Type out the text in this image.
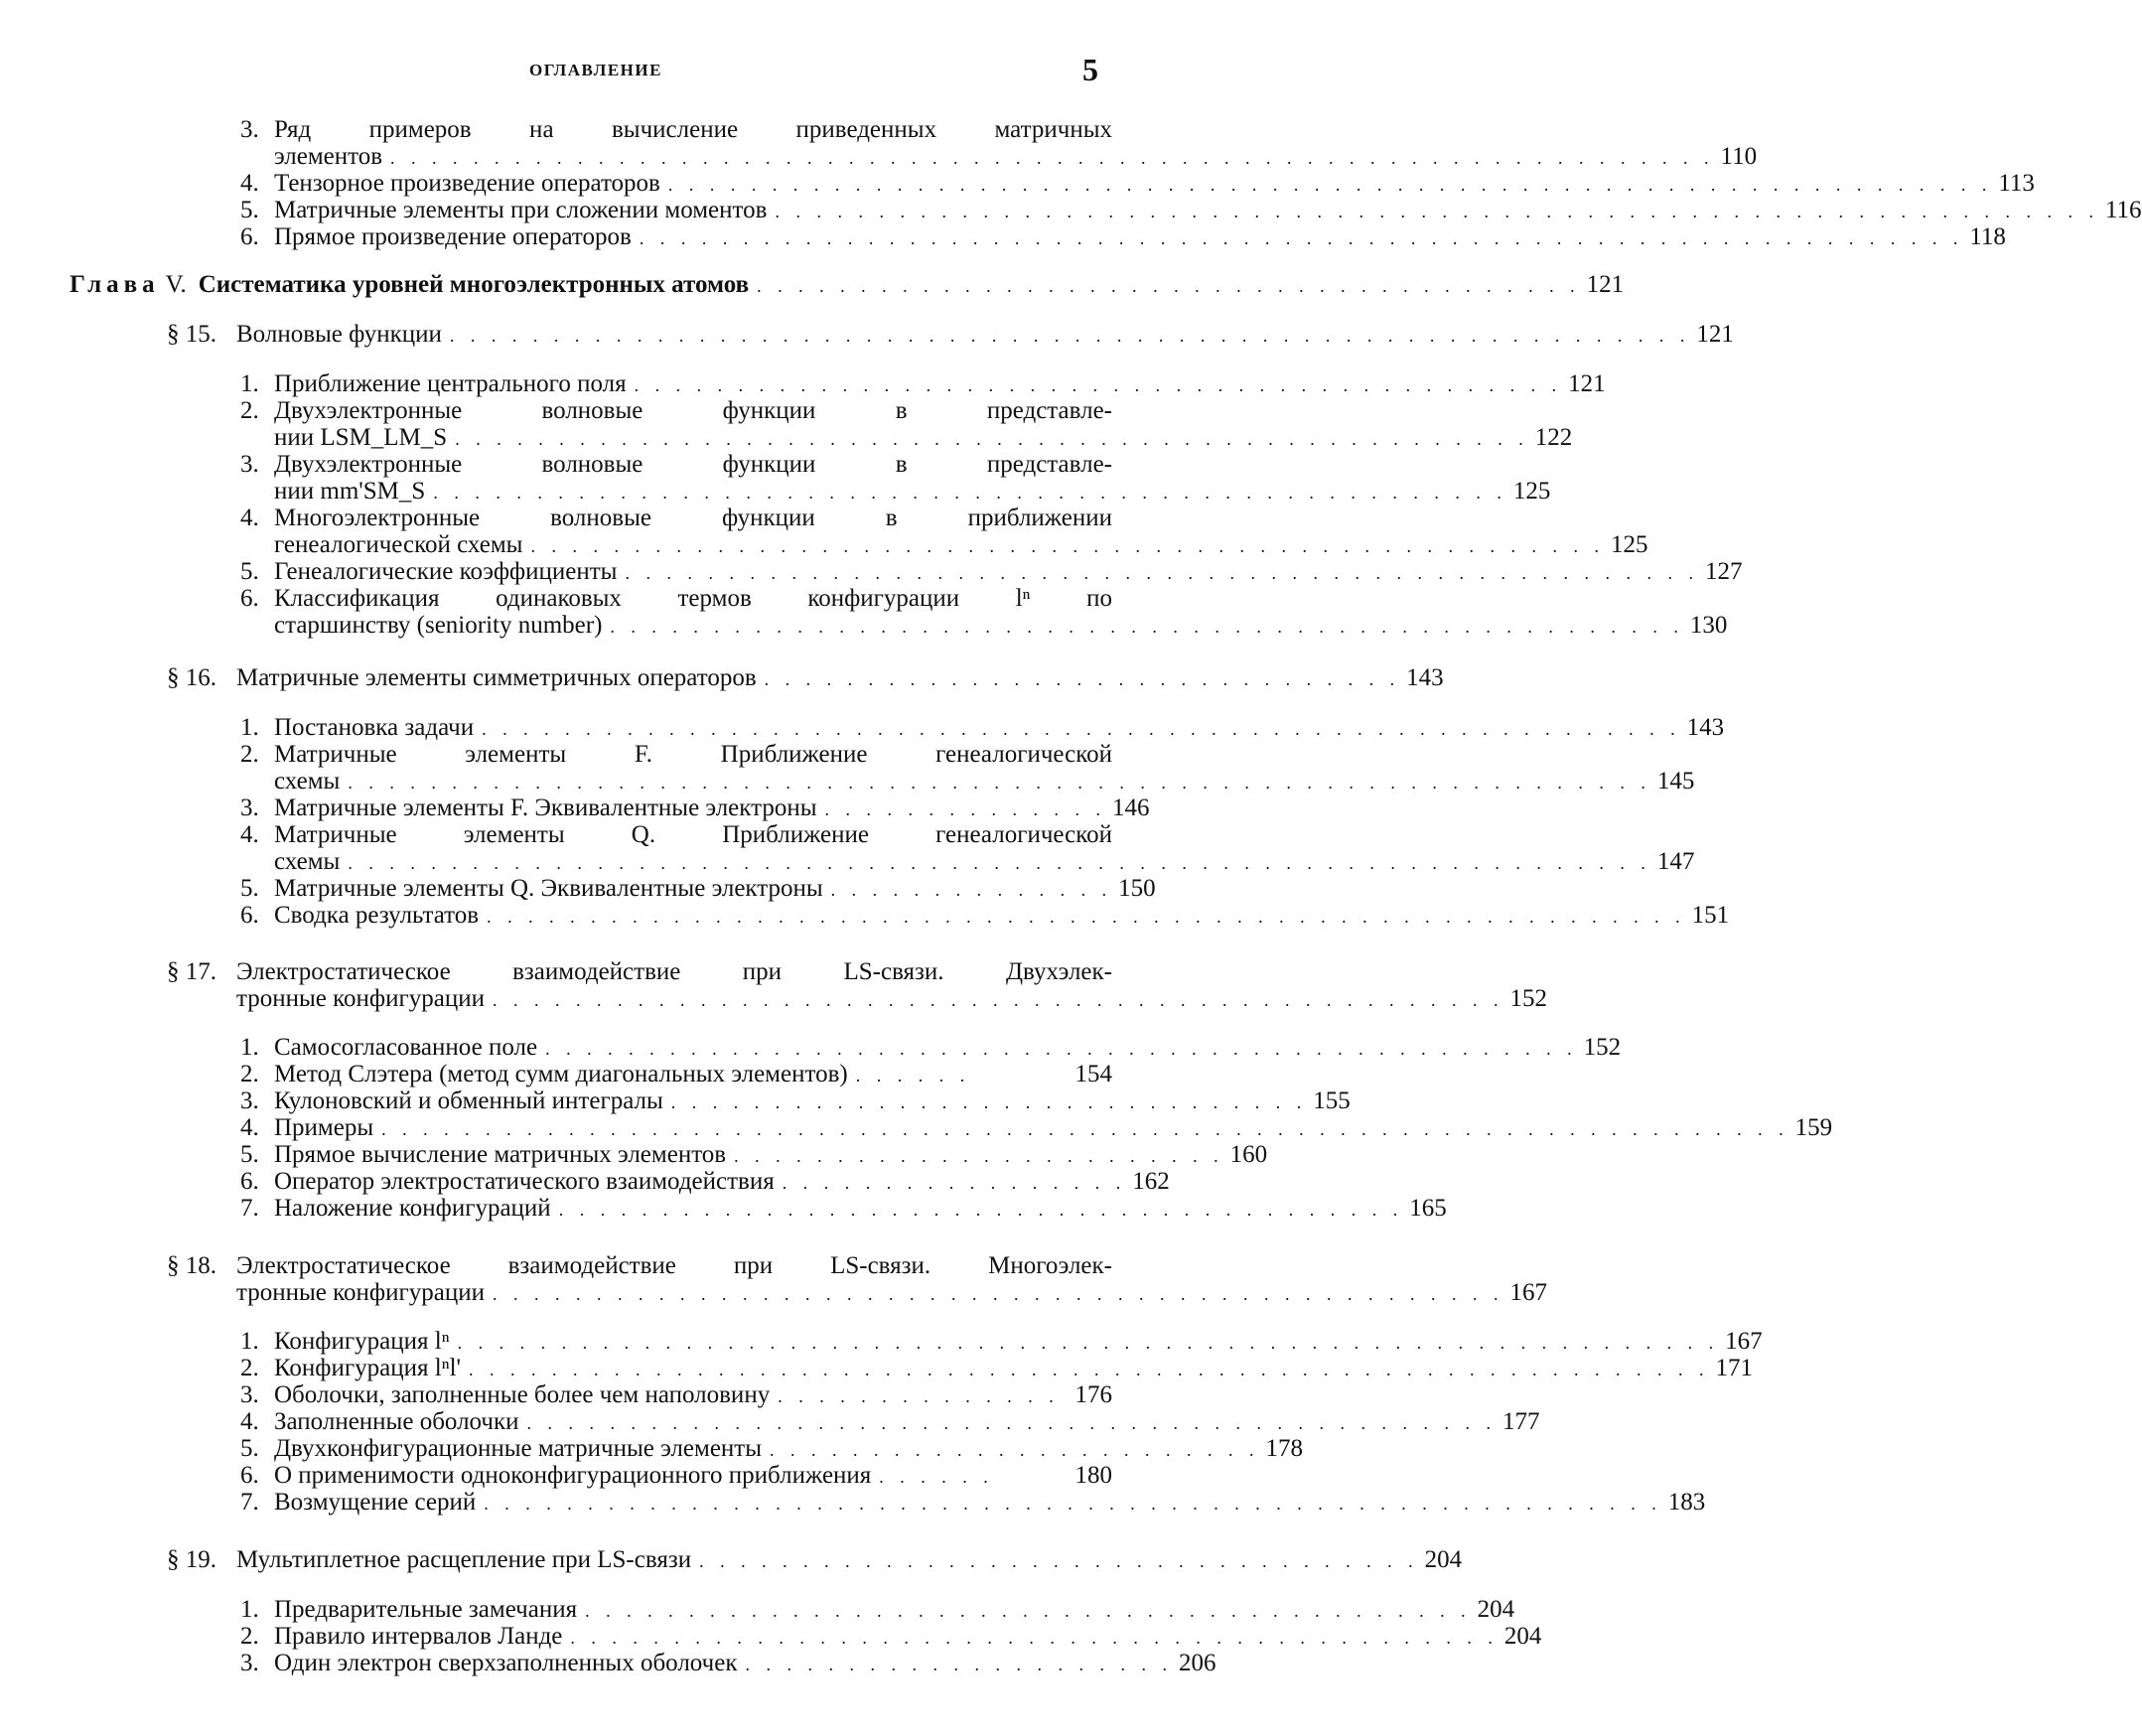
ОГЛАВЛЕНИЕ	5
3. Ряд примеров на вычисление приведенных матричных
элементов . . . . . . . . . . . . . . . . . . . . . . . . . . . . . . . . . . . . . . . . . . . . . . . . . . . . . . . . . . . . . . . . 110
4. Тензорное произведение операторов . . . . . . . . . . . . . . . . . . . . . . . . . . . . . . . . . . . . . . . . . . . . . . . . . . . . . . . . . . . . . . . . 113
5. Матричные элементы при сложении моментов . . . . . . . . . . . . . . . . . . . . . . . . . . . . . . . . . . . . . . . . . . . . . . . . . . . . . . . . . . . . . . . . 116
6. Прямое произведение операторов . . . . . . . . . . . . . . . . . . . . . . . . . . . . . . . . . . . . . . . . . . . . . . . . . . . . . . . . . . . . . . . . 118
Глава V. Систематика уровней многоэлектронных атомов . . . . . . . . . . . . . . . . . . . . . . . . . . . . . . . . . . . . . . . . 121
§ 15. Волновые функции . . . . . . . . . . . . . . . . . . . . . . . . . . . . . . . . . . . . . . . . . . . . . . . . . . . . . . . . . . . . 121
1. Приближение центрального поля . . . . . . . . . . . . . . . . . . . . . . . . . . . . . . . . . . . . . . . . . . . . . 121
2. Двухэлектронные волновые функции в представле-
нии LSM_LM_S . . . . . . . . . . . . . . . . . . . . . . . . . . . . . . . . . . . . . . . . . . . . . . . . . . . . 122
3. Двухэлектронные волновые функции в представле-
нии mm'SM_S . . . . . . . . . . . . . . . . . . . . . . . . . . . . . . . . . . . . . . . . . . . . . . . . . . . . 125
4. Многоэлектронные волновые функции в приближении
генеалогической схемы . . . . . . . . . . . . . . . . . . . . . . . . . . . . . . . . . . . . . . . . . . . . . . . . . . . . 125
5. Генеалогические коэффициенты . . . . . . . . . . . . . . . . . . . . . . . . . . . . . . . . . . . . . . . . . . . . . . . . . . . . 127
6. Классификация одинаковых термов конфигурации lⁿ по
старшинству (seniority number) . . . . . . . . . . . . . . . . . . . . . . . . . . . . . . . . . . . . . . . . . . . . . . . . . . . . 130
§ 16. Матричные элементы симметричных операторов . . . . . . . . . . . . . . . . . . . . . . . . . . . . . . . 143
1. Постановка задачи . . . . . . . . . . . . . . . . . . . . . . . . . . . . . . . . . . . . . . . . . . . . . . . . . . . . . . . . . . 143
2. Матричные элементы F. Приближение генеалогической
схемы . . . . . . . . . . . . . . . . . . . . . . . . . . . . . . . . . . . . . . . . . . . . . . . . . . . . . . . . . . . . . . . 145
3. Матричные элементы F. Эквивалентные электроны . . . . . . . . . . . . . . 146
4. Матричные элементы Q. Приближение генеалогической
схемы . . . . . . . . . . . . . . . . . . . . . . . . . . . . . . . . . . . . . . . . . . . . . . . . . . . . . . . . . . . . . . . 147
5. Матричные элементы Q. Эквивалентные электроны . . . . . . . . . . . . . . 150
6. Сводка результатов . . . . . . . . . . . . . . . . . . . . . . . . . . . . . . . . . . . . . . . . . . . . . . . . . . . . . . . . . . 151
§ 17. Электростатическое взаимодействие при LS-связи. Двухэлек-
тронные конфигурации . . . . . . . . . . . . . . . . . . . . . . . . . . . . . . . . . . . . . . . . . . . . . . . . . 152
1. Самосогласованное поле . . . . . . . . . . . . . . . . . . . . . . . . . . . . . . . . . . . . . . . . . . . . . . . . . . 152
2. Метод Слэтера (метод сумм диагональных элементов) . . . . . .	154
3. Кулоновский и обменный интегралы . . . . . . . . . . . . . . . . . . . . . . . . . . . . . . . 155
4. Примеры . . . . . . . . . . . . . . . . . . . . . . . . . . . . . . . . . . . . . . . . . . . . . . . . . . . . . . . . . . . . . . . . . . . . 159
5. Прямое вычисление матричных элементов . . . . . . . . . . . . . . . . . . . . . . . . 160
6. Оператор электростатического взаимодействия . . . . . . . . . . . . . . . . . 162
7. Наложение конфигураций . . . . . . . . . . . . . . . . . . . . . . . . . . . . . . . . . . . . . . . . . 165
§ 18. Электростатическое взаимодействие при LS-связи. Многоэлек-
тронные конфигурации . . . . . . . . . . . . . . . . . . . . . . . . . . . . . . . . . . . . . . . . . . . . . . . . . 167
1. Конфигурация lⁿ . . . . . . . . . . . . . . . . . . . . . . . . . . . . . . . . . . . . . . . . . . . . . . . . . . . . . . . . . . . . . 167
2. Конфигурация lⁿl' . . . . . . . . . . . . . . . . . . . . . . . . . . . . . . . . . . . . . . . . . . . . . . . . . . . . . . . . . . . . 171
3. Оболочки, заполненные более чем наполовину . . . . . . . . . . . . . . 176
4. Заполненные оболочки . . . . . . . . . . . . . . . . . . . . . . . . . . . . . . . . . . . . . . . . . . . . . . . 177
5. Двухконфигурационные матричные элементы . . . . . . . . . . . . . . . . . . . . . . . . 178
6. О применимости одноконфигурационного приближения . . . . . .	180
7. Возмущение серий . . . . . . . . . . . . . . . . . . . . . . . . . . . . . . . . . . . . . . . . . . . . . . . . . . . . . . . . . 183
§ 19. Мультиплетное расщепление при LS-связи . . . . . . . . . . . . . . . . . . . . . . . . . . . . . . . . . . . 204
1. Предварительные замечания . . . . . . . . . . . . . . . . . . . . . . . . . . . . . . . . . . . . . . . . . . . 204
2. Правило интервалов Ланде . . . . . . . . . . . . . . . . . . . . . . . . . . . . . . . . . . . . . . . . . . . . . 204
3. Один электрон сверхзаполненных оболочек . . . . . . . . . . . . . . . . . . . . . 206
